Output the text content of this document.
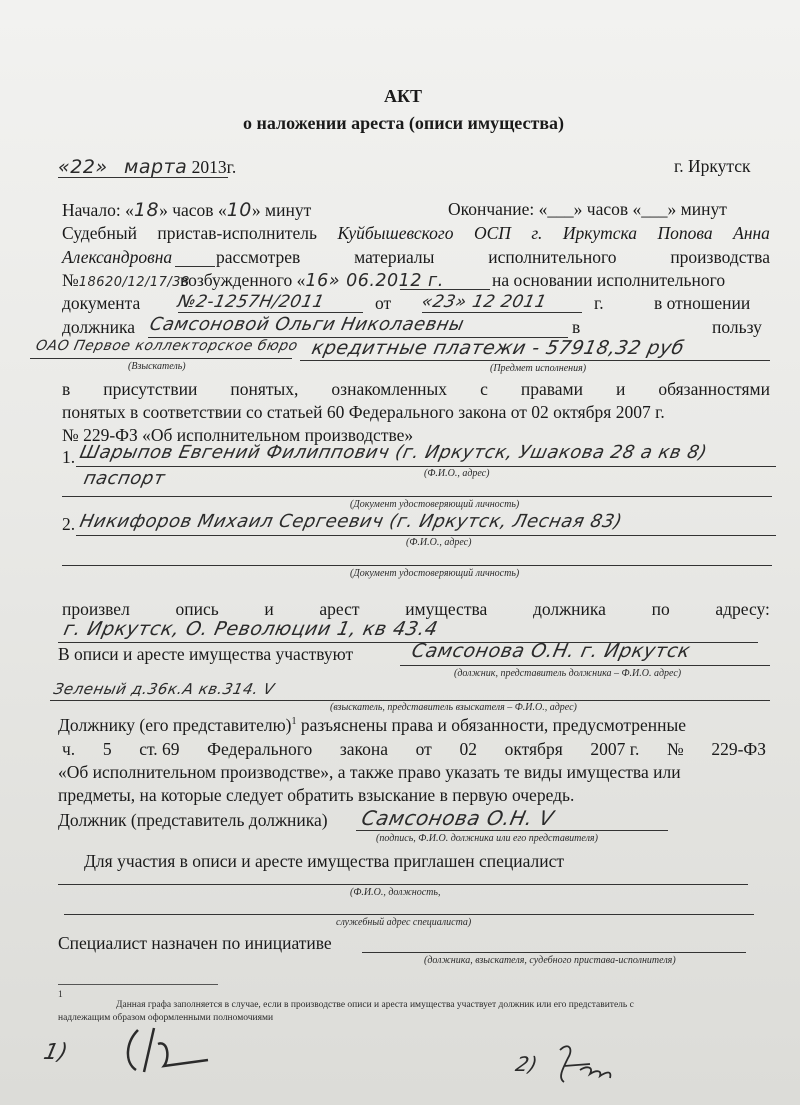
АКТ
о наложении ареста (описи имущества)
«22» марта 2013г.	г. Иркутск
Начало: «18» часов «10» минут	Окончание: «___» часов «___» минут
Судебный пристав-исполнитель Куйбышевского ОСП г. Иркутска Попова Анна
Александровна	рассмотрев	материалы	исполнительного	производства
№18620/12/17/38
возбужденного «16» 06.2012 г.	на основании исполнительного
документа №2-1257Н/2011	от «23» 12 2011	г.	в отношении
должника Самсоновой Ольги Николаевны	в	пользу
ОАО Первое коллекторское бюро кредитные платежи - 57918,32 руб
(Взыскатель)	(Предмет исполнения)
в присутствии понятых, ознакомленных с правами и обязанностями
понятых в соответствии со статьей 60 Федерального закона от 02 октября 2007 г.
№ 229-ФЗ «Об исполнительном производстве»
1. Шарыпов Евгений Филиппович (г. Иркутск, Ушакова 28 а кв 8)
(Ф.И.О., адрес)
паспорт
(Документ удостоверяющий личность)
2. Никифоров Михаил Сергеевич (г. Иркутск, Лесная 83)
(Ф.И.О., адрес)
(Документ удостоверяющий личность)
произвел	опись	и	арест	имущества	должника	по	адресу:
г. Иркутск, О. Революции 1, кв 43.4
В описи и аресте имущества участвуют	Самсонова О.Н. г. Иркутск
(должник, представитель должника – Ф.И.О. адрес)
Зеленый д.36к.А кв.314. V
(взыскатель, представитель взыскателя – Ф.И.О., адрес)
Должнику (его представителю)$^1$ разъяснены права и обязанности, предусмотренные
ч. 5 ст. 69 Федерального закона от 02 октября 2007 г. № 229-ФЗ
«Об исполнительном производстве», а также право указать те виды имущества или
предметы, на которые следует обратить взыскание в первую очередь.
Должник (представитель должника) Самсонова О.Н. V
(подпись, Ф.И.О. должника или его представителя)
Для участия в описи и аресте имущества приглашен специалист
(Ф.И.О., должность,
служебный адрес специалиста)
Специалист назначен по инициативе
(должника, взыскателя, судебного пристава-исполнителя)
1
Данная графа заполняется в случае, если в производстве описи и ареста имущества участвует должник или его представитель с
надлежащим образом оформленными полномочиями
1)	2)
